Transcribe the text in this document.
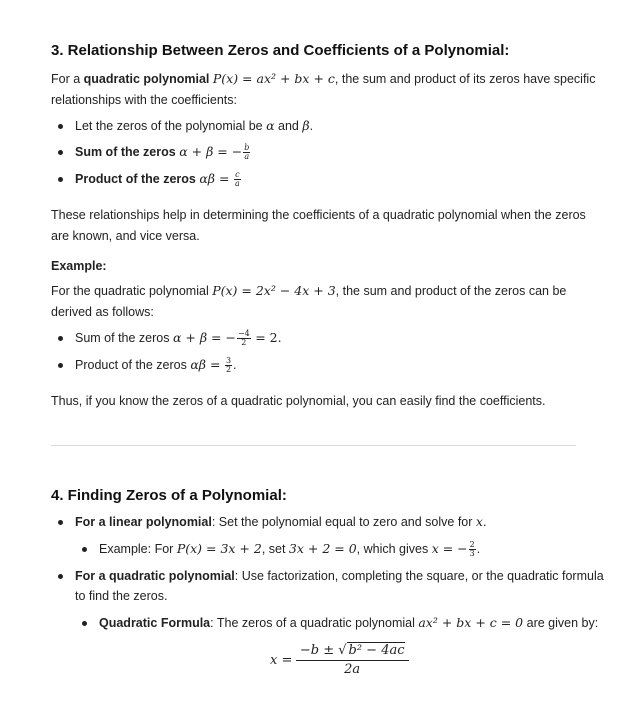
3. Relationship Between Zeros and Coefficients of a Polynomial:
For a quadratic polynomial P(x) = ax² + bx + c, the sum and product of its zeros have specific
relationships with the coefficients:
Let the zeros of the polynomial be α and β.
Sum of the zeros α + β = − $\frac{b}{a}$
Product of the zeros $\alpha\beta = \frac{c}{a}$
These relationships help in determining the coefficients of a quadratic polynomial when the zeros
are known, and vice versa.
Example:
For the quadratic polynomial P(x) = 2x² − 4x + 3, the sum and product of the zeros can be
derived as follows:
Sum of the zeros α + β = − $\frac{-4}{2} = 2$.
Product of the zeros $\alpha\beta = \frac{3}{2}$ .
Thus, if you know the zeros of a quadratic polynomial, you can easily find the coefficients.
4. Finding Zeros of a Polynomial:
For a linear polynomial: Set the polynomial equal to zero and solve for x.
Example: For P(x) = 3x + 2, set 3x + 2 = 0, which gives x = − $\frac{2}{3}$ .
For a quadratic polynomial: Use factorization, completing the square, or the quadratic formula
to find the zeros.
Quadratic Formula: The zeros of a quadratic polynomial ax² + bx + c = 0 are given by:
$x = \frac{\text{−b ± √ b² − 4ac}}{2a}$
